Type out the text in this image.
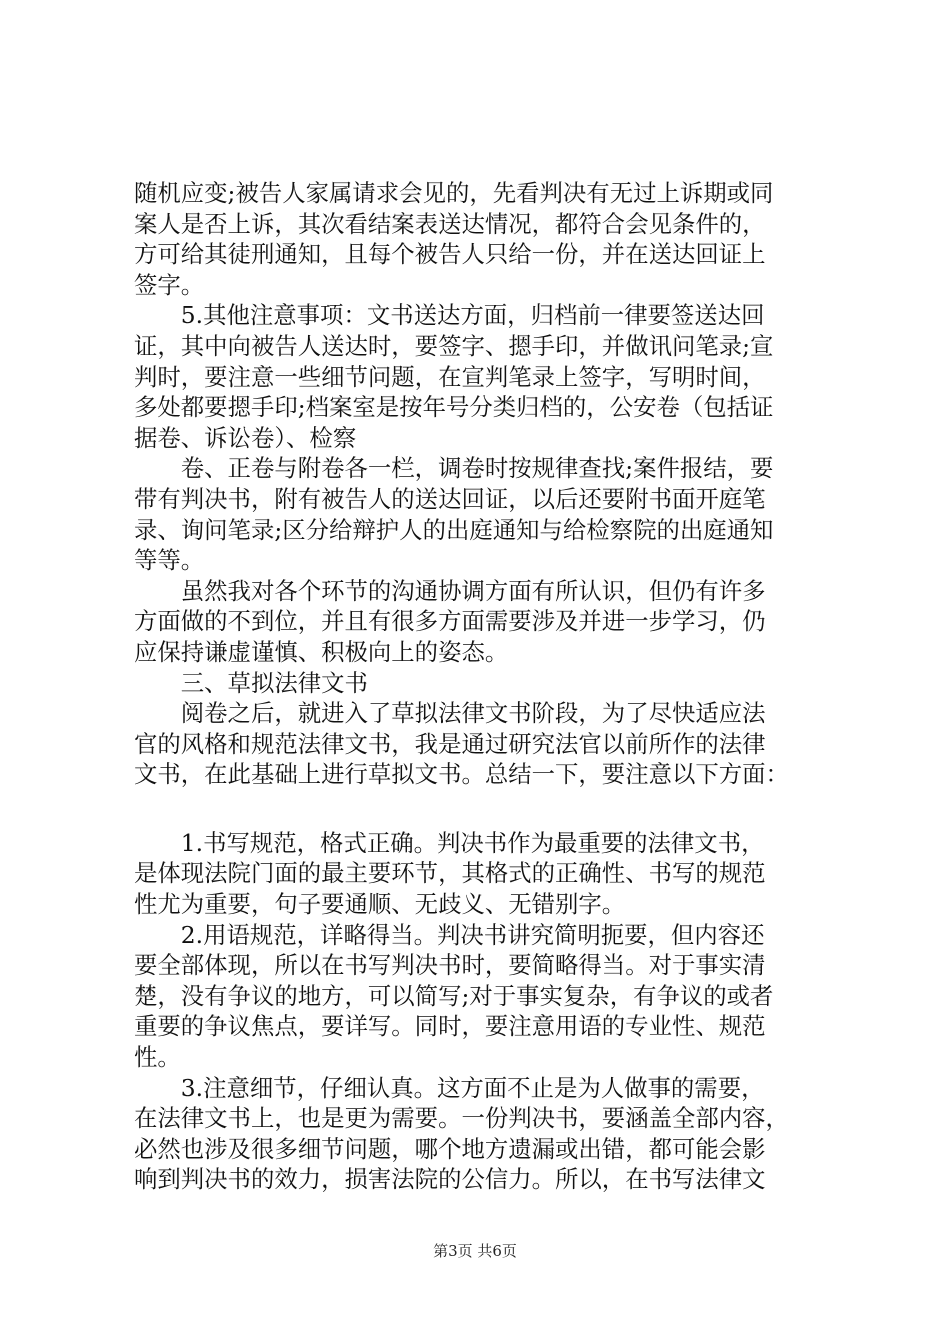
随机应变;被告人家属请求会见的，先看判决有无过上诉期或同
案人是否上诉，其次看结案表送达情况，都符合会见条件的，
方可给其徒刑通知，且每个被告人只给一份，并在送达回证上
签字。
　　5.其他注意事项：文书送达方面，归档前一律要签送达回
证，其中向被告人送达时，要签字、摁手印，并做讯问笔录;宣
判时，要注意一些细节问题，在宣判笔录上签字，写明时间，
多处都要摁手印;档案室是按年号分类归档的，公安卷（包括证
据卷、诉讼卷）、检察
　　卷、正卷与附卷各一栏，调卷时按规律查找;案件报结，要
带有判决书，附有被告人的送达回证，以后还要附书面开庭笔
录、询问笔录;区分给辩护人的出庭通知与给检察院的出庭通知
等等。
　　虽然我对各个环节的沟通协调方面有所认识，但仍有许多
方面做的不到位，并且有很多方面需要涉及并进一步学习，仍
应保持谦虚谨慎、积极向上的姿态。
　　三、草拟法律文书
　　阅卷之后，就进入了草拟法律文书阶段，为了尽快适应法
官的风格和规范法律文书，我是通过研究法官以前所作的法律
文书，在此基础上进行草拟文书。总结一下，要注意以下方面：
　　1.书写规范，格式正确。判决书作为最重要的法律文书，
是体现法院门面的最主要环节，其格式的正确性、书写的规范
性尤为重要，句子要通顺、无歧义、无错别字。
　　2.用语规范，详略得当。判决书讲究简明扼要，但内容还
要全部体现，所以在书写判决书时，要简略得当。对于事实清
楚，没有争议的地方，可以简写;对于事实复杂，有争议的或者
重要的争议焦点，要详写。同时，要注意用语的专业性、规范
性。
　　3.注意细节，仔细认真。这方面不止是为人做事的需要，
在法律文书上，也是更为需要。一份判决书，要涵盖全部内容，
必然也涉及很多细节问题，哪个地方遗漏或出错，都可能会影
响到判决书的效力，损害法院的公信力。所以，在书写法律文
第3页 共6页
